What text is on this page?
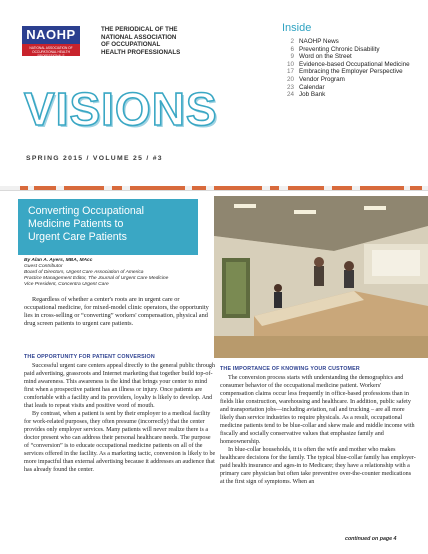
NAOHP
NATIONAL ASSOCIATION OF OCCUPATIONAL HEALTH PROFESSIONALS
THE PERIODICAL OF THE
NATIONAL ASSOCIATION
OF OCCUPATIONAL
HEALTH PROFESSIONALS
VISIONS
SPRING 2015 / VOLUME 25 / #3
Inside
2 NAOHP News
6 Preventing Chronic Disability
9 Word on the Street
10 Evidence-based Occupational Medicine
17 Embracing the Employer Perspective
20 Vendor Program
23 Calendar
24 Job Bank
Converting Occupational
Medicine Patients to
Urgent Care Patients
By Alan A. Ayers, MBA, MAcc
Guest Contributor
Board of Directors, Urgent Care Association of America
Practice Management Editor, The Journal of Urgent Care Medicine
Vice President, Concentra Urgent Care

Regardless of whether a center's roots are in urgent care or occupational medicine, for mixed-model clinic operators, the opportunity lies in cross-selling or “converting” workers' compensation, physical and drug screen patients to urgent care patients.

THE OPPORTUNITY FOR PATIENT CONVERSION

Successful urgent care centers appeal directly to the general public through paid advertising, grassroots and Internet marketing that together build top-of-mind awareness. This awareness is the kind that brings your center to mind first when a prospective patient has an illness or injury. Once patients are comfortable with a facility and its providers, loyalty is likely to develop. And that leads to repeat visits and positive word of mouth.

By contrast, when a patient is sent by their employer to a medical facility for work-related purposes, they often presume (incorrectly) that the center provides only employer services. Many patients will never realize there is a doctor present who can address their personal healthcare needs. The purpose of “conversion” is to educate occupational medicine patients on all of the services offered in the facility. As a marketing tactic, conversion is likely to be more impactful than external advertising because it addresses an audience that has already found the center.

THE IMPORTANCE OF KNOWING YOUR CUSTOMER

The conversion process starts with understanding the demographics and consumer behavior of the occupational medicine patient. Workers' compensation claims occur less frequently in office-based professions than in fields like construction, warehousing and healthcare. In addition, public safety and transportation jobs—including aviation, rail and trucking – are all more likely than service industries to require physicals. As a result, occupational medicine patients tend to be blue-collar and skew male and middle income with fiscally and socially conservative values that emphasize family and homeownership.

In blue-collar households, it is often the wife and mother who makes healthcare decisions for the family. The typical blue-collar family has employer-paid health insurance and ages-in to Medicare; they have a relationship with a primary care physician but often take preventive over-the-counter medications at the first sign of symptoms. When an

continued on page 4
